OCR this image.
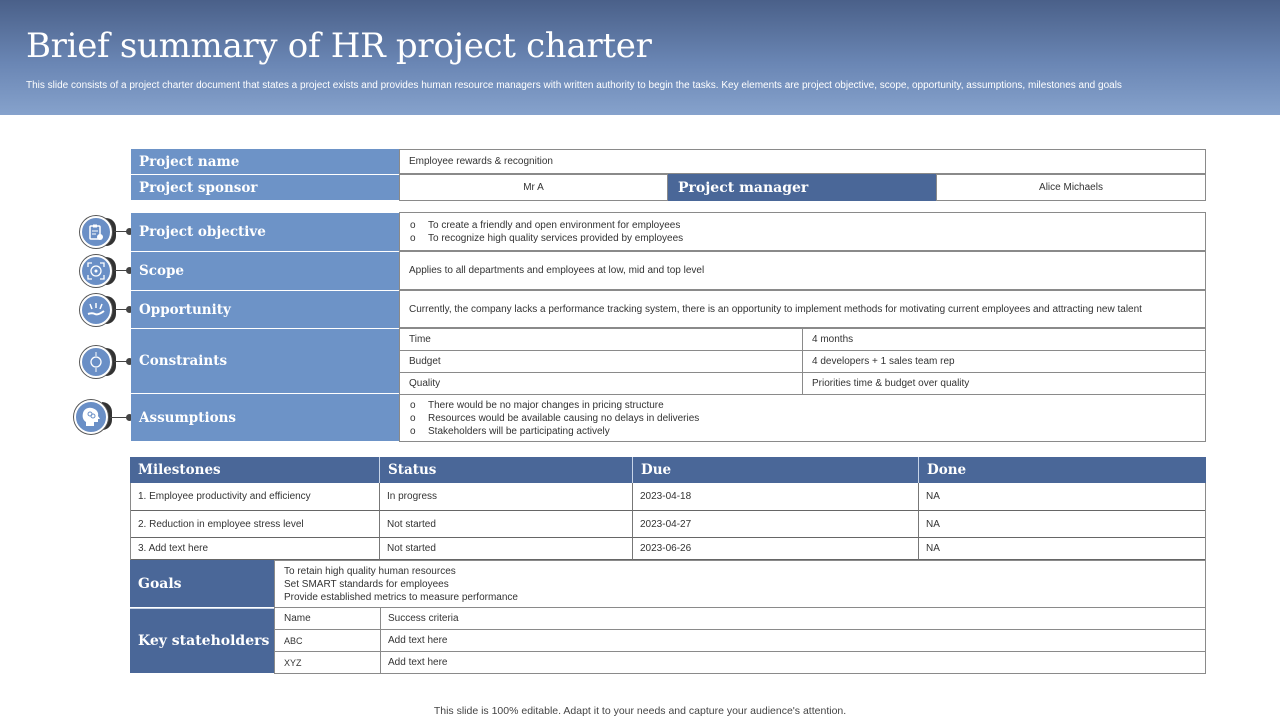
Brief summary of HR project charter
This slide consists of a project charter document that states a project exists and provides human resource managers with written authority to begin the tasks. Key elements are project objective, scope, opportunity, assumptions, milestones and goals
Project name	Employee rewards & recognition
Project sponsor	Mr A	Project manager	Alice Michaels
Project objective	o To create a friendly and open environment for employees
o To recognize high quality services provided by employees
Scope	Applies to all departments and employees at low, mid and top level
Opportunity	Currently, the company lacks a performance tracking system, there is an opportunity to implement methods for motivating current employees and attracting new talent
Constraints
Time	4 months
Budget	4 developers + 1 sales team rep
Quality	Priorities time & budget over quality
Assumptions
o There would be no major changes in pricing structure
o Resources would be available causing no delays in deliveries
o Stakeholders will be participating actively
Milestones	Status	Due	Done
1. Employee productivity and efficiency	In progress	2023-04-18	NA
2. Reduction in employee stress level	Not started	2023-04-27	NA
3. Add text here	Not started	2023-06-26	NA
Goals
To retain high quality human resources
Set SMART standards for employees
Provide established metrics to measure performance
Key stateholders
Name	Success criteria
ABC	Add text here
XYZ	Add text here
This slide is 100% editable. Adapt it to your needs and capture your audience's attention.
